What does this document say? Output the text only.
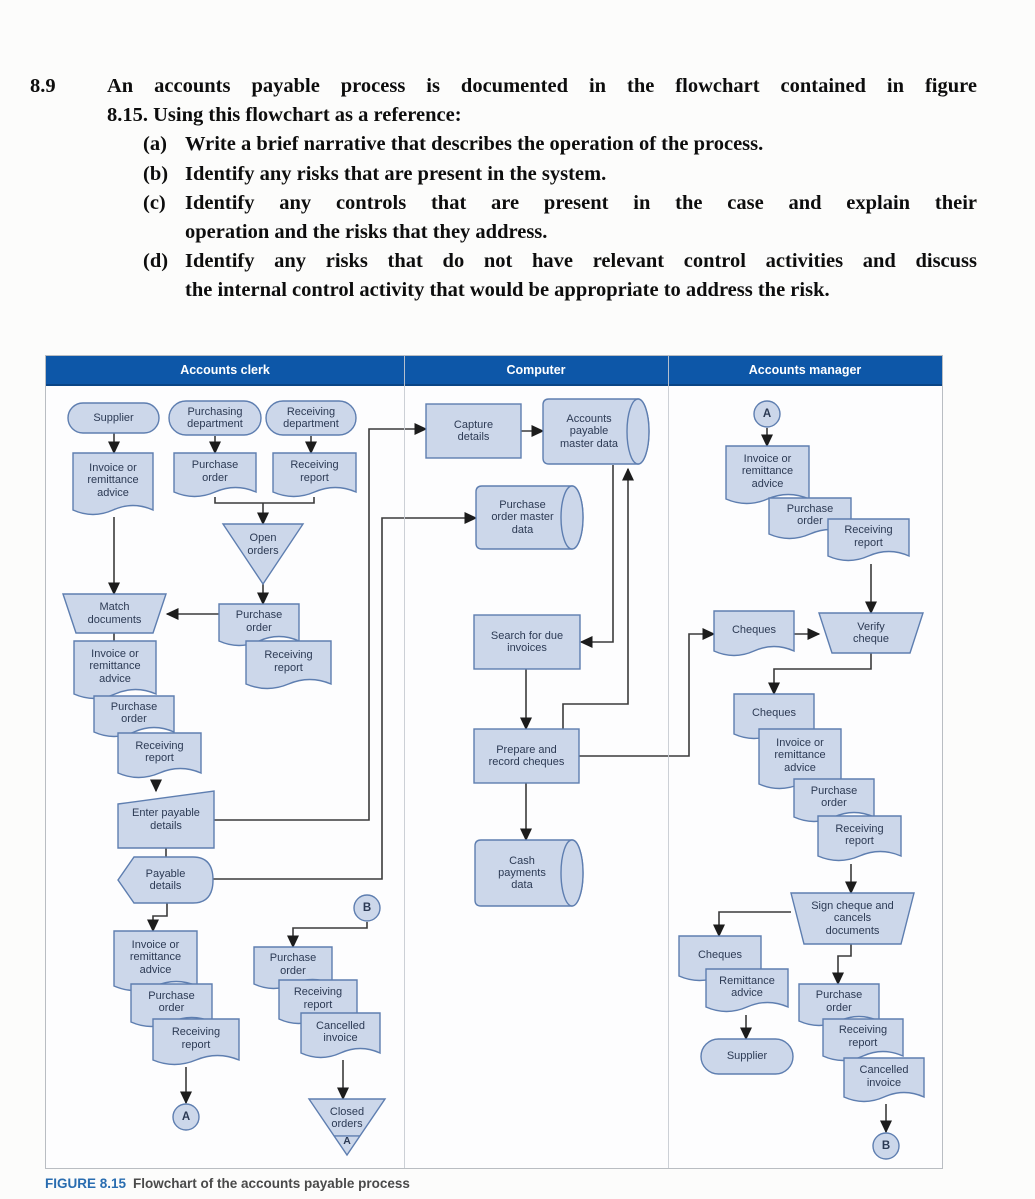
8.9	An accounts payable process is documented in the flowchart contained in figure
8.15. Using this flowchart as a reference:
(a) Write a brief narrative that describes the operation of the process.
(b) Identify any risks that are present in the system.
(c) Identify any controls that are present in the case and explain their
operation and the risks that they address.
(d) Identify any risks that do not have relevant control activities and discuss
the internal control activity that would be appropriate to address the risk.
Accounts clerk	Computer	Accounts manager
Supplier
Purchasing
department
Receiving
department
Invoice or
remittance
advice
Purchase
order
Receiving
report
Open
orders
Match
documents	Purchase
order
Receiving
report
Invoice or
remittance
advice
Purchase
order
Receiving
report
Enter payable
details
Payable
details
Invoice or
remittance
advice
Purchase
order
Receiving
report
A
B
Purchase
order
Receiving
report
Cancelled
invoice
Closed
orders
A
Capture
details
Accounts
payable
master data
Purchase
order master
data
Search for due
invoices
Prepare and
record cheques
Cash
payments
data
A
Invoice or
remittance
advice
Purchase
order
Receiving
report
Cheques	Verify
cheque
Cheques
Invoice or
remittance
advice
Purchase
order
Receiving
report
Sign cheque and
cancels
documents
Cheques
Remittance
advice
Supplier
Purchase
order
Receiving
report
Cancelled
invoice
B
FIGURE 8.15 Flowchart of the accounts payable process
